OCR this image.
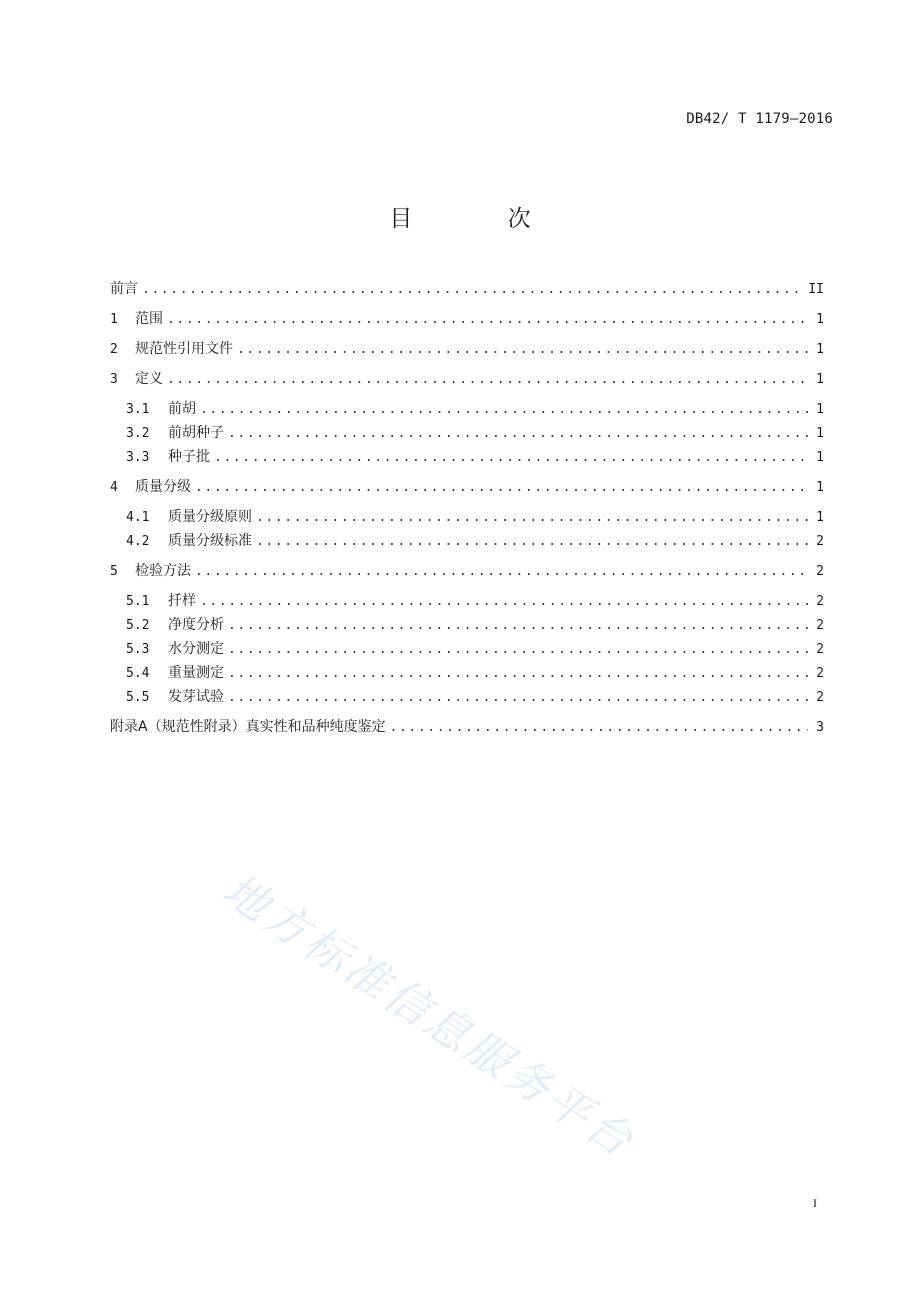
DB42/ T 1179—2016
目 次
前言 .....	II
1	范围 .....	1
2	规范性引用文件 .....	1
3	定义 .....	1
3.1	前胡 .....	1
3.2	前胡种子 .....	1
3.3	种子批 .....	1
4	质量分级 .....	1
4.1	质量分级原则 .....	1
4.2	质量分级标准 .....	2
5	检验方法 .....	2
5.1	扦样 .....	2
5.2	净度分析 .....	2
5.3	水分测定 .....	2
5.4	重量测定 .....	2
5.5	发芽试验 .....	2
附录A（规范性附录）真实性和品种纯度鉴定 .....	3
地方标准信息服务平台
I
